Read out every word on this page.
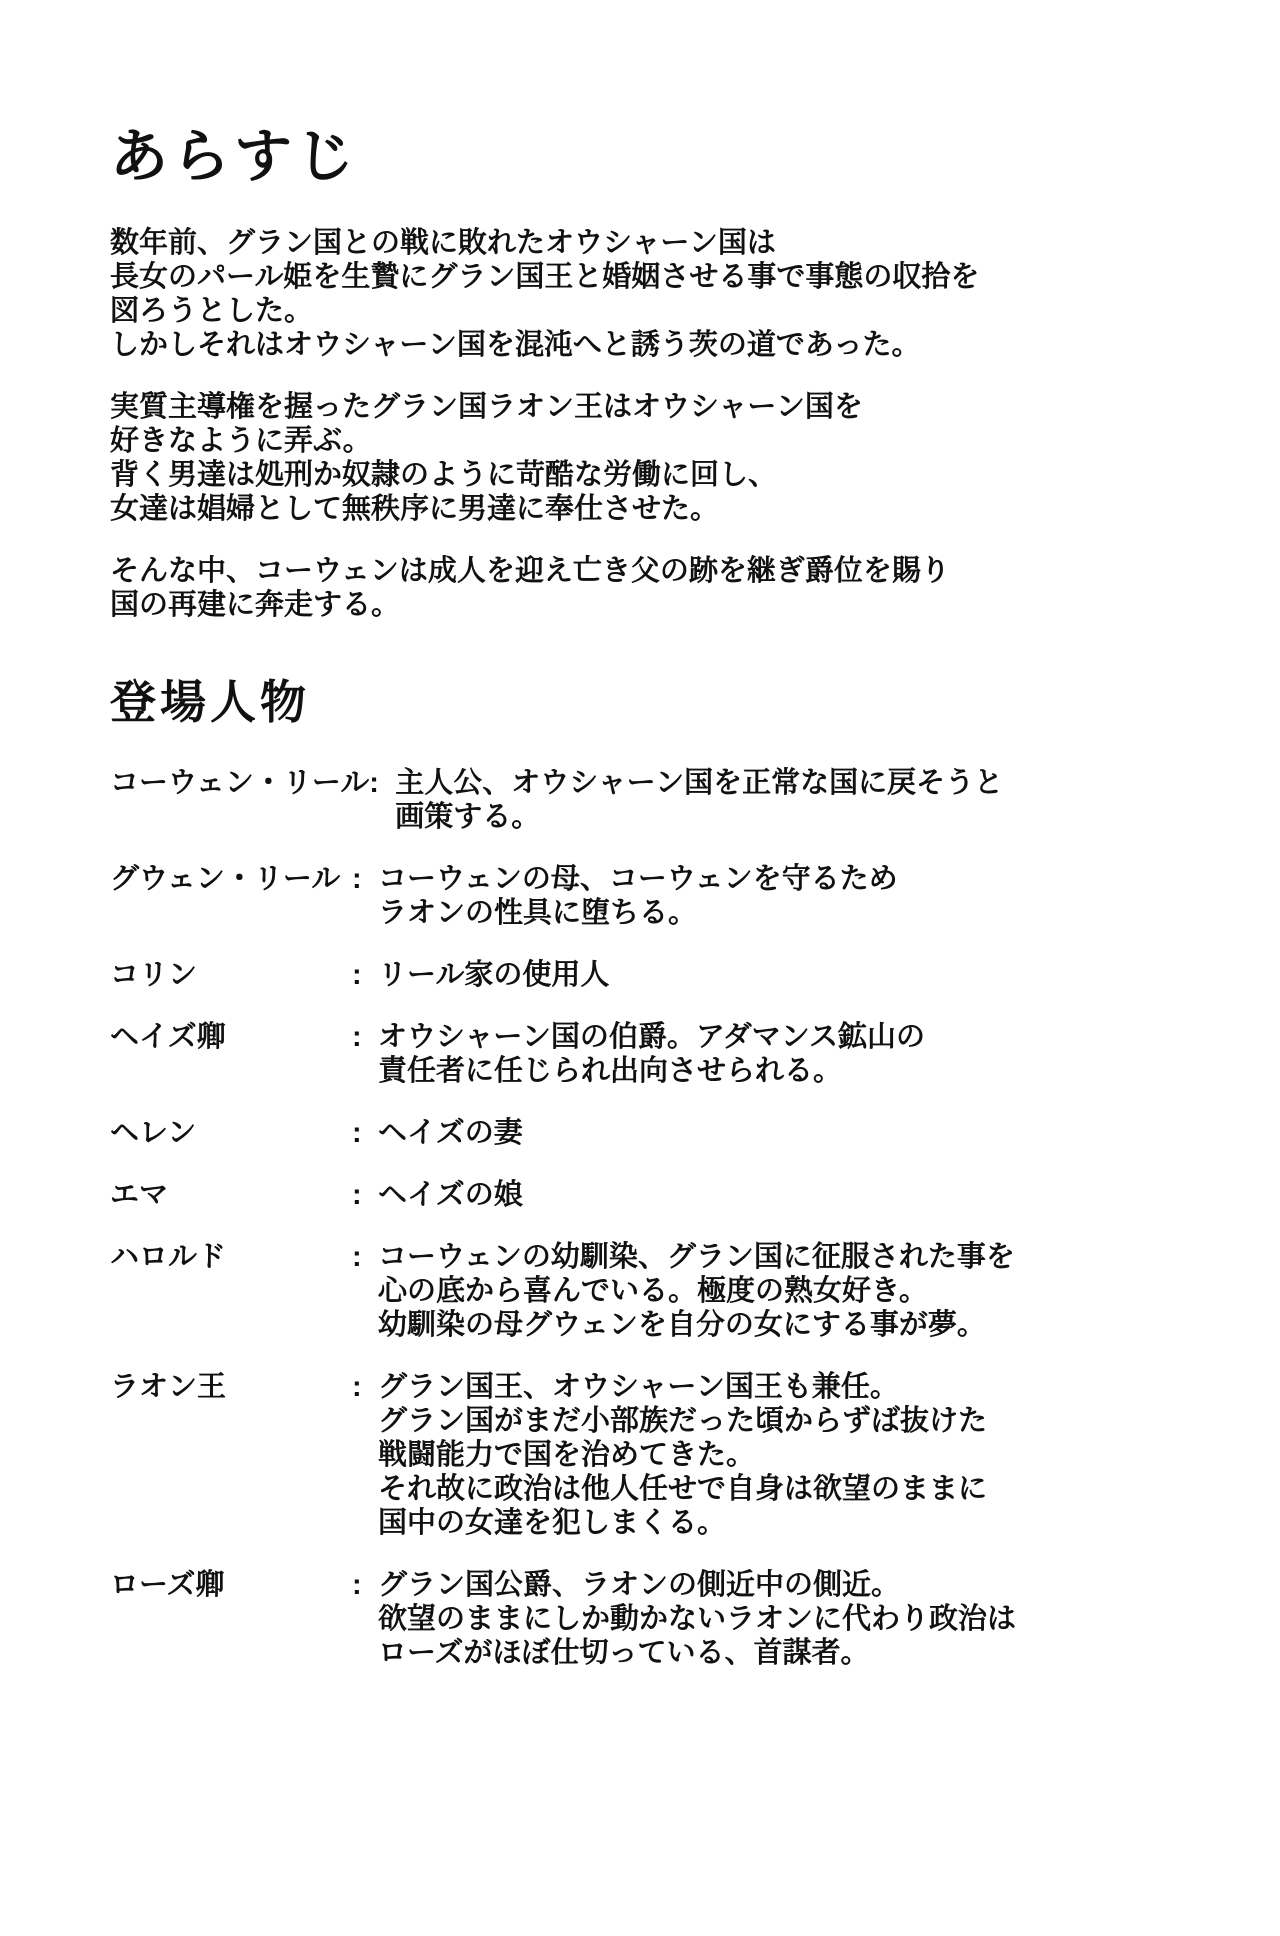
あらすじ

数年前、グラン国との戦に敗れたオウシャーン国は
長女のパール姫を生贄にグラン国王と婚姻させる事で事態の収拾を
図ろうとした。
しかしそれはオウシャーン国を混沌へと誘う茨の道であった。

実質主導権を握ったグラン国ラオン王はオウシャーン国を
好きなように弄ぶ。
背く男達は処刑か奴隷のように苛酷な労働に回し、
女達は娼婦として無秩序に男達に奉仕させた。

そんな中、コーウェンは成人を迎え亡き父の跡を継ぎ爵位を賜り
国の再建に奔走する。

登場人物
コーウェン・リール : 主人公、オウシャーン国を正常な国に戻そうと
画策する。
グウェン・リール : コーウェンの母、コーウェンを守るため
ラオンの性具に堕ちる。
コリン	: リール家の使用人
ヘイズ卿	: オウシャーン国の伯爵。アダマンス鉱山の
責任者に任じられ出向させられる。
ヘレン	: ヘイズの妻
エマ	: ヘイズの娘
ハロルド	: コーウェンの幼馴染、グラン国に征服された事を
心の底から喜んでいる。極度の熟女好き。
幼馴染の母グウェンを自分の女にする事が夢。
ラオン王	: グラン国王、オウシャーン国王も兼任。
グラン国がまだ小部族だった頃からずば抜けた
戦闘能力で国を治めてきた。
それ故に政治は他人任せで自身は欲望のままに
国中の女達を犯しまくる。
ローズ卿	: グラン国公爵、ラオンの側近中の側近。
欲望のままにしか動かないラオンに代わり政治は
ローズがほぼ仕切っている、首謀者。
